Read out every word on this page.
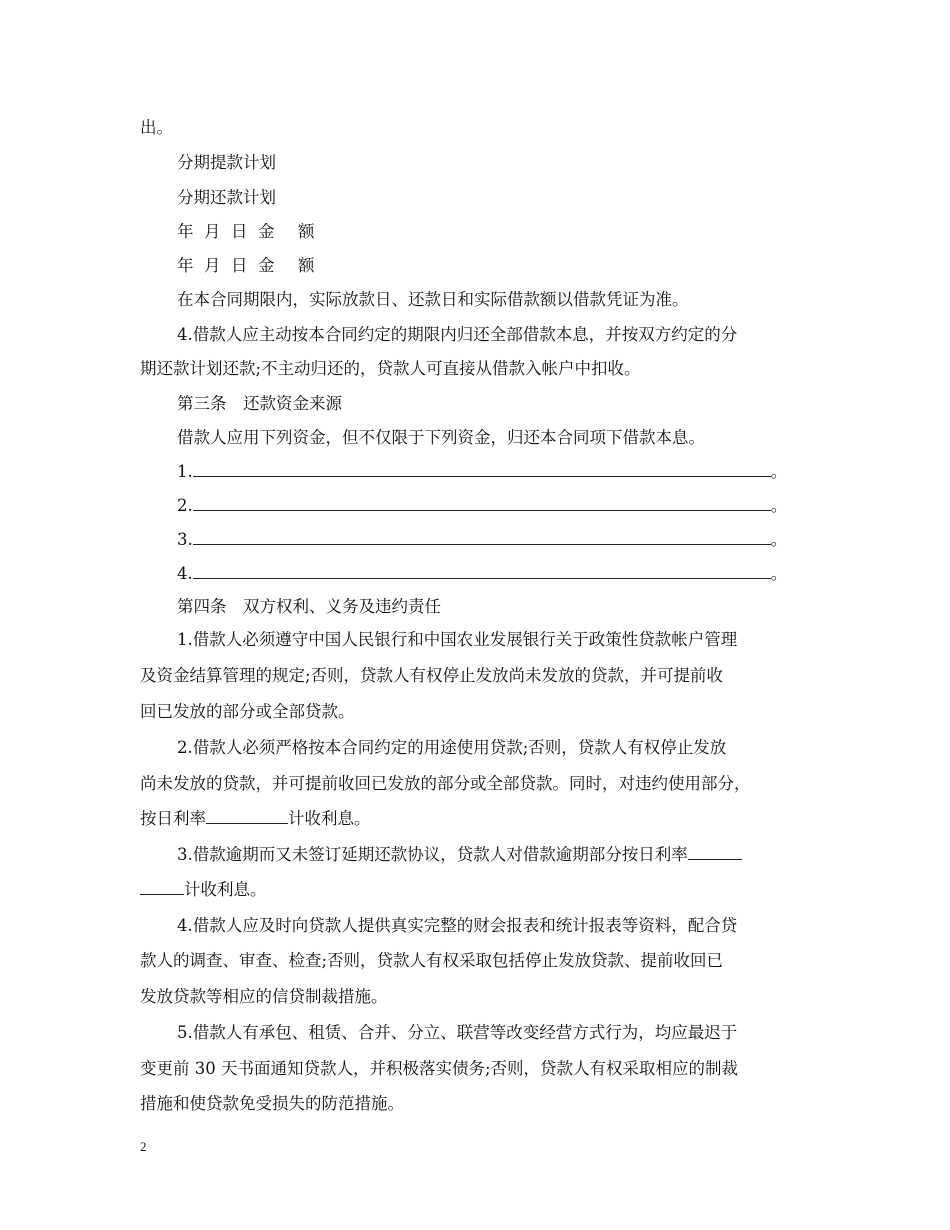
出。
分期提款计划
分期还款计划
年 月 日 金 额
年 月 日 金 额
在本合同期限内，实际放款日、还款日和实际借款额以借款凭证为准。
4.借款人应主动按本合同约定的期限内归还全部借款本息，并按双方约定的分
期还款计划还款;不主动归还的，贷款人可直接从借款入帐户中扣收。
第三条　还款资金来源
借款人应用下列资金，但不仅限于下列资金，归还本合同项下借款本息。
1.	。
2.	。
3.	。
4.	。
第四条　双方权利、义务及违约责任
1.借款人必须遵守中国人民银行和中国农业发展银行关于政策性贷款帐户管理
及资金结算管理的规定;否则，贷款人有权停止发放尚未发放的贷款，并可提前收
回已发放的部分或全部贷款。
2.借款人必须严格按本合同约定的用途使用贷款;否则，贷款人有权停止发放
尚未发放的贷款，并可提前收回已发放的部分或全部贷款。同时，对违约使用部分，
按日利率	计收利息。
3.借款逾期而又未签订延期还款协议，贷款人对借款逾期部分按日利率
计收利息。
4.借款人应及时向贷款人提供真实完整的财会报表和统计报表等资料，配合贷
款人的调查、审查、检查;否则，贷款人有权采取包括停止发放贷款、提前收回已
发放贷款等相应的信贷制裁措施。
5.借款人有承包、租赁、合并、分立、联营等改变经营方式行为，均应最迟于
变更前 30 天书面通知贷款人，并积极落实债务;否则，贷款人有权采取相应的制裁
措施和使贷款免受损失的防范措施。
2
